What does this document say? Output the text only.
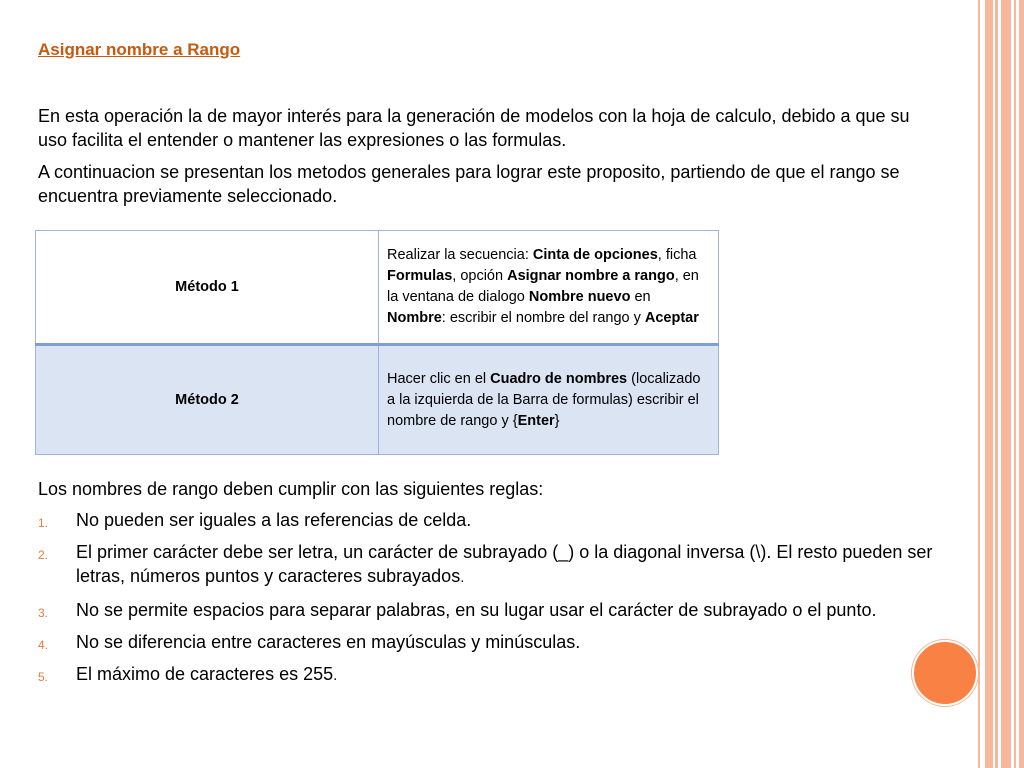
Asignar nombre a Rango
En esta operación la de mayor interés para la generación de modelos con la hoja de calculo, debido a que su uso facilita el entender o mantener las expresiones o las formulas.
A continuacion se presentan los metodos generales para lograr este proposito, partiendo de que el rango se encuentra previamente seleccionado.
Método 1	Realizar la secuencia: Cinta de opciones, ficha Formulas, opción Asignar nombre a rango, en la ventana de dialogo Nombre nuevo en Nombre: escribir el nombre del rango y Aceptar
Método 2	Hacer clic en el Cuadro de nombres (localizado a la izquierda de la Barra de formulas) escribir el nombre de rango y {Enter}
Los nombres de rango deben cumplir con las siguientes reglas:
1. No pueden ser iguales a las referencias de celda.
2. El primer carácter debe ser letra, un carácter de subrayado (_) o la diagonal inversa (\). El resto pueden ser letras, números puntos y caracteres subrayados.
3. No se permite espacios para separar palabras, en su lugar usar el carácter de subrayado o el punto.
4. No se diferencia entre caracteres en mayúsculas y minúsculas.
5. El máximo de caracteres es 255.
